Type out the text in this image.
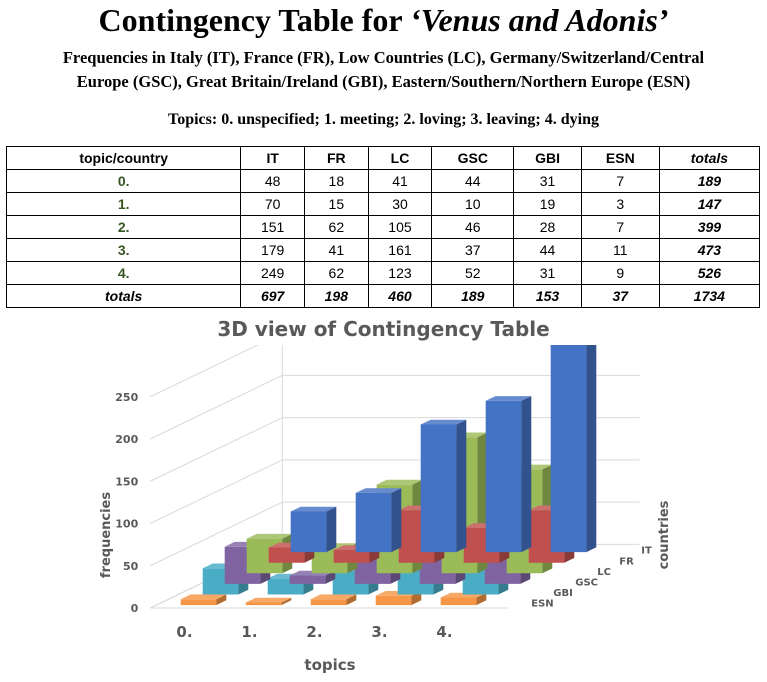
Contingency Table for ‘Venus and Adonis’
Frequencies in Italy (IT), France (FR), Low Countries (LC), Germany/Switzerland/Central
Europe (GSC), Great Britain/Ireland (GBI), Eastern/Southern/Northern Europe (ESN)
Topics: 0. unspecified; 1. meeting; 2. loving; 3. leaving; 4. dying
topic/country	IT	FR	LC	GSC	GBI	ESN	totals
0.	48	18	41	44	31	7	189
1.	70	15	30	10	19	3	147
2.	151	62	105	46	28	7	399
3.	179	41	161	37	44	11	473
4.	249	62	123	52	31	9	526
totals	697	198	460	189	153	37	1734
3D view of Contingency Table
0
50
100
150
200
250
0.	1.	2.	3.	4.
IT
FR
LC
GSC
GBI
ESN
topics
frequencies	countries
